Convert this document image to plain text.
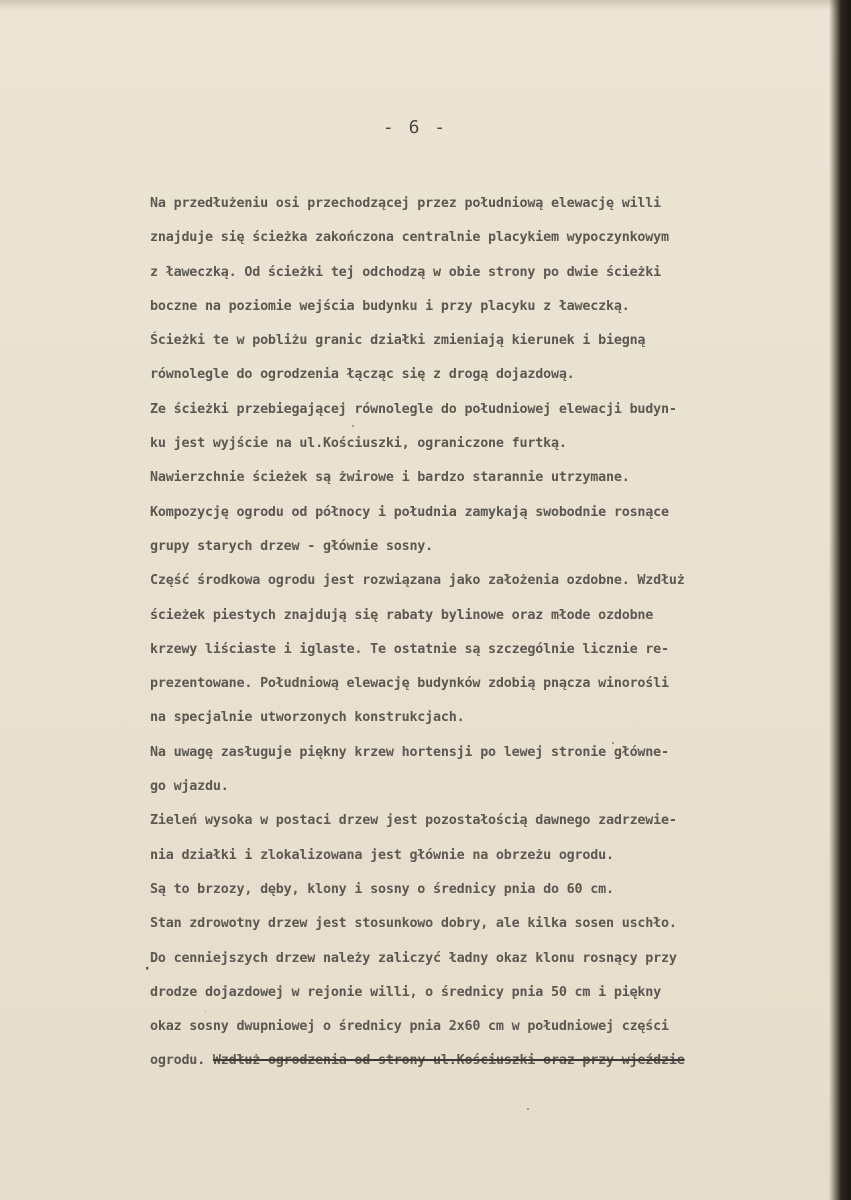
- 6 -
Na przedłużeniu osi przechodzącej przez południową elewację willi
znajduje się ścieżka zakończona centralnie placykiem wypoczynkowym
z ławeczką. Od ścieżki tej odchodzą w obie strony po dwie ścieżki
boczne na poziomie wejścia budynku i przy placyku z ławeczką.
Ścieżki te w pobliżu granic działki zmieniają kierunek i biegną
równolegle do ogrodzenia łącząc się z drogą dojazdową.
Ze ścieżki przebiegającej równolegle do południowej elewacji budyn-
ku jest wyjście na ul.Kościuszki, ograniczone furtką.
Nawierzchnie ścieżek są żwirowe i bardzo starannie utrzymane.
Kompozycję ogrodu od północy i południa zamykają swobodnie rosnące
grupy starych drzew - głównie sosny.
Część środkowa ogrodu jest rozwiązana jako założenia ozdobne. Wzdłuż
ścieżek piestych znajdują się rabaty bylinowe oraz młode ozdobne
krzewy liściaste i iglaste. Te ostatnie są szczególnie licznie re-
prezentowane. Południową elewację budynków zdobią pnącza winorośli
na specjalnie utworzonych konstrukcjach.
Na uwagę zasługuje piękny krzew hortensji po lewej stronie główne-
go wjazdu.
Zieleń wysoka w postaci drzew jest pozostałością dawnego zadrzewie-
nia działki i zlokalizowana jest głównie na obrzeżu ogrodu.
Są to brzozy, dęby, klony i sosny o średnicy pnia do 60 cm.
Stan zdrowotny drzew jest stosunkowo dobry, ale kilka sosen uschło.
Do cenniejszych drzew należy zaliczyć ładny okaz klonu rosnący przy
drodze dojazdowej w rejonie willi, o średnicy pnia 50 cm i piękny
okaz sosny dwupniowej o średnicy pnia 2x60 cm w południowej części
ogrodu. Wzdłuż ogrodzenia od strony ul.Kościuszki oraz przy wjeździe
·
